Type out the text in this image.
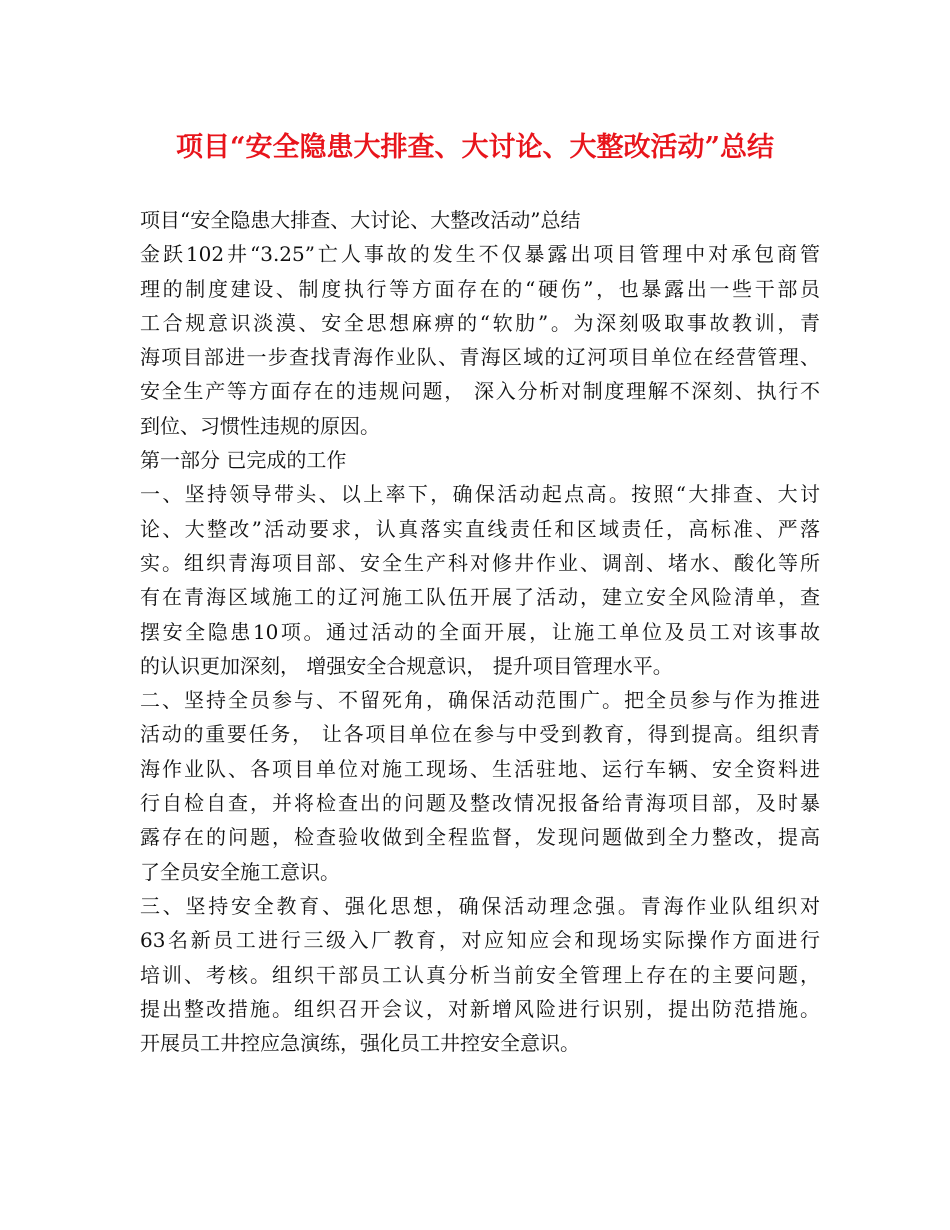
项目“安全隐患大排查、大讨论、大整改活动”总结
项目“安全隐患大排查、大讨论、大整改活动”总结
金跃102井“3.25”亡人事故的发生不仅暴露出项目管理中对承包商管
理的制度建设、制度执行等方面存在的“硬伤”，也暴露出一些干部员
工合规意识淡漠、安全思想麻痹的“软肋”。为深刻吸取事故教训，青
海项目部进一步查找青海作业队、青海区域的辽河项目单位在经营管理、
安全生产等方面存在的违规问题， 深入分析对制度理解不深刻、执行不
到位、习惯性违规的原因。
第一部分 已完成的工作
一、坚持领导带头、以上率下，确保活动起点高。按照“大排查、大讨
论、大整改”活动要求，认真落实直线责任和区域责任，高标准、严落
实。组织青海项目部、安全生产科对修井作业、调剖、堵水、酸化等所
有在青海区域施工的辽河施工队伍开展了活动，建立安全风险清单，查
摆安全隐患10项。通过活动的全面开展，让施工单位及员工对该事故
的认识更加深刻， 增强安全合规意识， 提升项目管理水平。
二、坚持全员参与、不留死角，确保活动范围广。把全员参与作为推进
活动的重要任务， 让各项目单位在参与中受到教育，得到提高。组织青
海作业队、各项目单位对施工现场、生活驻地、运行车辆、安全资料进
行自检自查，并将检查出的问题及整改情况报备给青海项目部，及时暴
露存在的问题，检查验收做到全程监督，发现问题做到全力整改，提高
了全员安全施工意识。
三、坚持安全教育、强化思想，确保活动理念强。青海作业队组织对
63名新员工进行三级入厂教育，对应知应会和现场实际操作方面进行
培训、考核。组织干部员工认真分析当前安全管理上存在的主要问题，
提出整改措施。组织召开会议，对新增风险进行识别，提出防范措施。
开展员工井控应急演练，强化员工井控安全意识。
